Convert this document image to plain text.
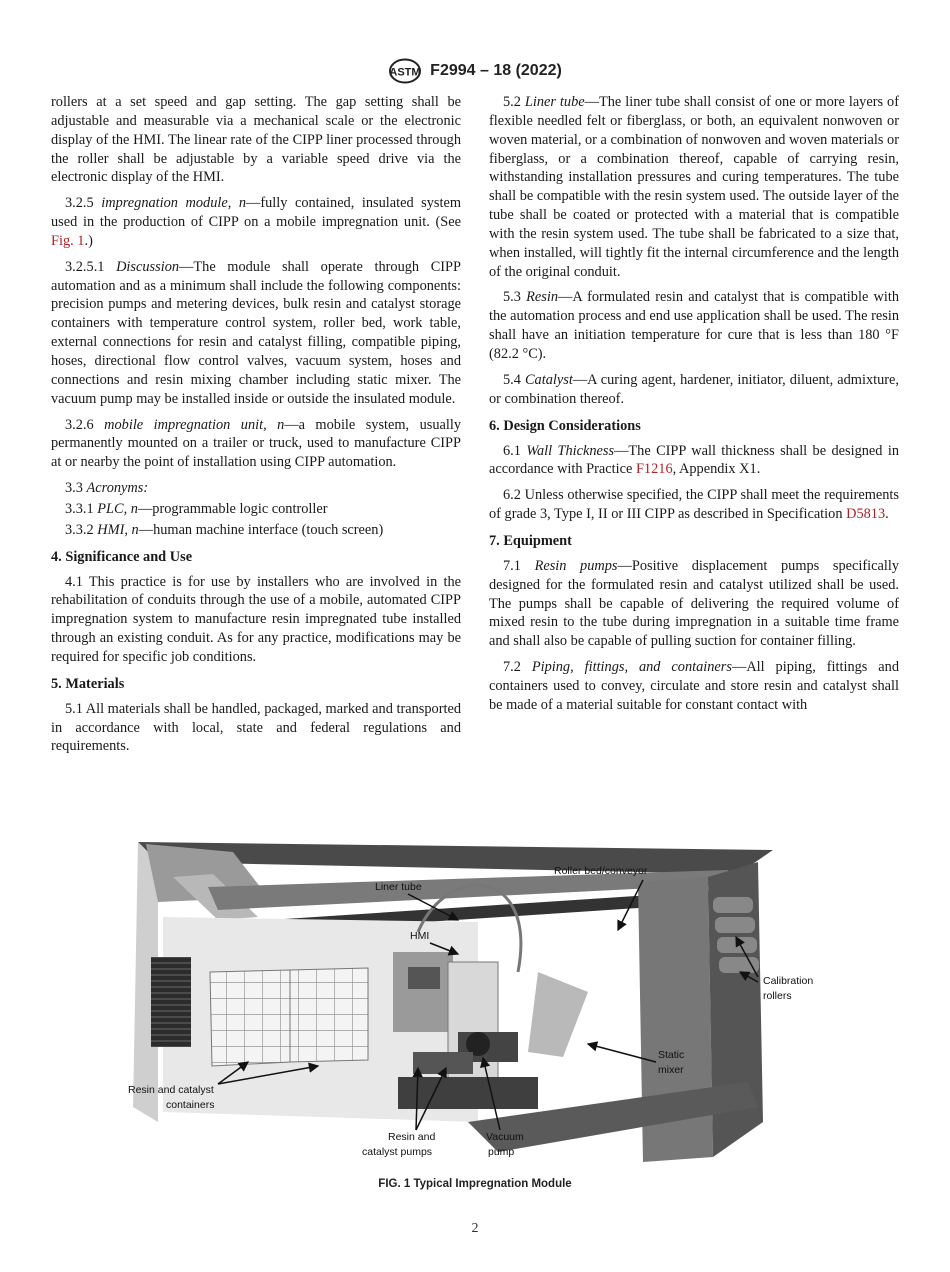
ASTM F2994 – 18 (2022)

rollers at a set speed and gap setting. The gap setting shall be adjustable and measurable via a mechanical scale or the electronic display of the HMI. The linear rate of the CIPP liner processed through the roller shall be adjustable by a variable speed drive via the electronic display of the HMI.

3.2.5 impregnation module, n—fully contained, insulated system used in the production of CIPP on a mobile impregnation unit. (See Fig. 1.)

3.2.5.1 Discussion—The module shall operate through CIPP automation and as a minimum shall include the following components: precision pumps and metering devices, bulk resin and catalyst storage containers with temperature control system, roller bed, work table, external connections for resin and catalyst filling, compatible piping, hoses, directional flow control valves, vacuum system, hoses and connections and resin mixing chamber including static mixer. The vacuum pump may be installed inside or outside the insulated module.

3.2.6 mobile impregnation unit, n—a mobile system, usually permanently mounted on a trailer or truck, used to manufacture CIPP at or nearby the point of installation using CIPP automation.

3.3 Acronyms:

3.3.1 PLC, n—programmable logic controller

3.3.2 HMI, n—human machine interface (touch screen)

4. Significance and Use

4.1 This practice is for use by installers who are involved in the rehabilitation of conduits through the use of a mobile, automated CIPP impregnation system to manufacture resin impregnated tube installed through an existing conduit. As for any practice, modifications may be required for specific job conditions.

5. Materials

5.1 All materials shall be handled, packaged, marked and transported in accordance with local, state and federal regulations and requirements.

5.2 Liner tube—The liner tube shall consist of one or more layers of flexible needled felt or fiberglass, or both, an equivalent nonwoven or woven material, or a combination of nonwoven and woven materials or fiberglass, or a combination thereof, capable of carrying resin, withstanding installation pressures and curing temperatures. The tube shall be compatible with the resin system used. The outside layer of the tube shall be coated or protected with a material that is compatible with the resin system used. The tube shall be fabricated to a size that, when installed, will tightly fit the internal circumference and the length of the original conduit.

5.3 Resin—A formulated resin and catalyst that is compatible with the automation process and end use application shall be used. The resin shall have an initiation temperature for cure that is less than 180 °F (82.2 °C).

5.4 Catalyst—A curing agent, hardener, initiator, diluent, admixture, or combination thereof.

6. Design Considerations

6.1 Wall Thickness—The CIPP wall thickness shall be designed in accordance with Practice F1216, Appendix X1.

6.2 Unless otherwise specified, the CIPP shall meet the requirements of grade 3, Type I, II or III CIPP as described in Specification D5813.

7. Equipment

7.1 Resin pumps—Positive displacement pumps specifically designed for the formulated resin and catalyst utilized shall be used. The pumps shall be capable of delivering the required volume of mixed resin to the tube during impregnation in a suitable time frame and shall also be capable of pulling suction for container filling.

7.2 Piping, fittings, and containers—All piping, fittings and containers used to convey, circulate and store resin and catalyst shall be made of a material suitable for constant contact with

Roller bed/conveyor
Liner tube
HMI
Calibration
rollers
Static
mixer
Resin and catalyst
containers
Resin and
catalyst pumps
Vacuum
pump
FIG. 1 Typical Impregnation Module
2
